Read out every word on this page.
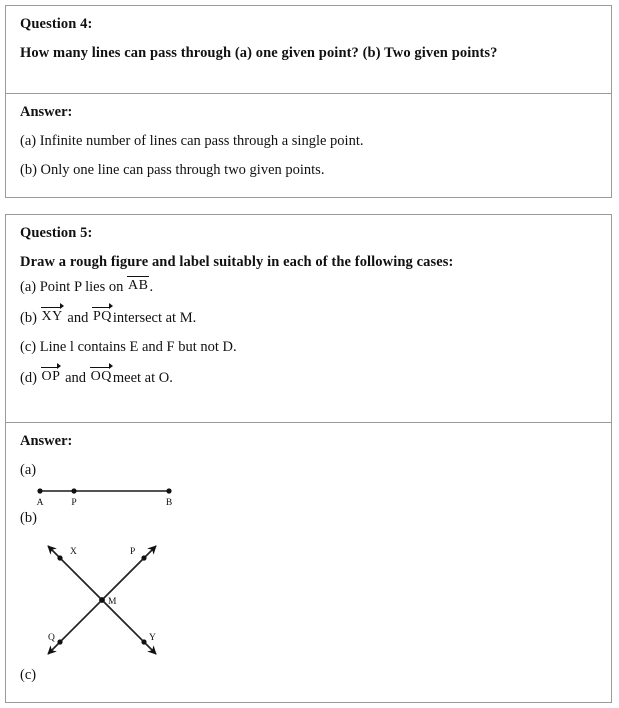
Question 4:
How many lines can pass through (a) one given point? (b) Two given points?
Answer:
(a) Infinite number of lines can pass through a single point.
(b) Only one line can pass through two given points.
Question 5:
Draw a rough figure and label suitably in each of the following cases:
(a) Point P lies on AB.
(b) XY and PQintersect at M.
(c) Line l contains E and F but not D.
(d) OP and OQmeet at O.
Answer:
(a)
A	P	B
(b)
X	P
M
Q	Y
(c)
